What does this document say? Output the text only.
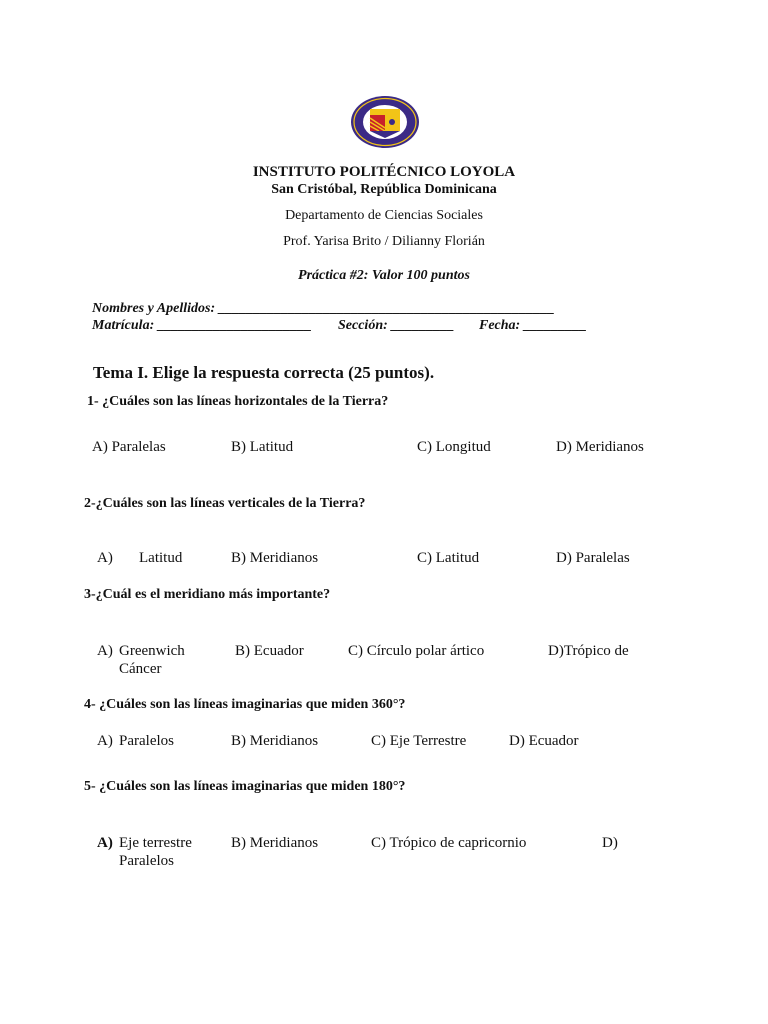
INSTITUTO POLITÉCNICO LOYOLA
San Cristóbal, República Dominicana
Departamento de Ciencias Sociales
Prof. Yarisa Brito / Dilianny Florián
Práctica #2: Valor 100 puntos
Nombres y Apellidos: ________________________________________________
Matrícula: ______________________ Sección: _________ Fecha: _________
Tema I. Elige la respuesta correcta (25 puntos).
1- ¿Cuáles son las líneas horizontales de la Tierra?
A) Paralelas	B) Latitud	C) Longitud	D) Meridianos
2-¿Cuáles son las líneas verticales de la Tierra?
A) Latitud	B) Meridianos	C) Latitud	D) Paralelas
3-¿Cuál es el meridiano más importante?
A) Greenwich	B) Ecuador	C) Círculo polar ártico	D)Trópico de
Cáncer
4- ¿Cuáles son las líneas imaginarias que miden 360°?
A) Paralelos	B) Meridianos	C) Eje Terrestre	D) Ecuador
5- ¿Cuáles son las líneas imaginarias que miden 180°?
A) Eje terrestre	B) Meridianos	C) Trópico de capricornio	D)
Paralelos
